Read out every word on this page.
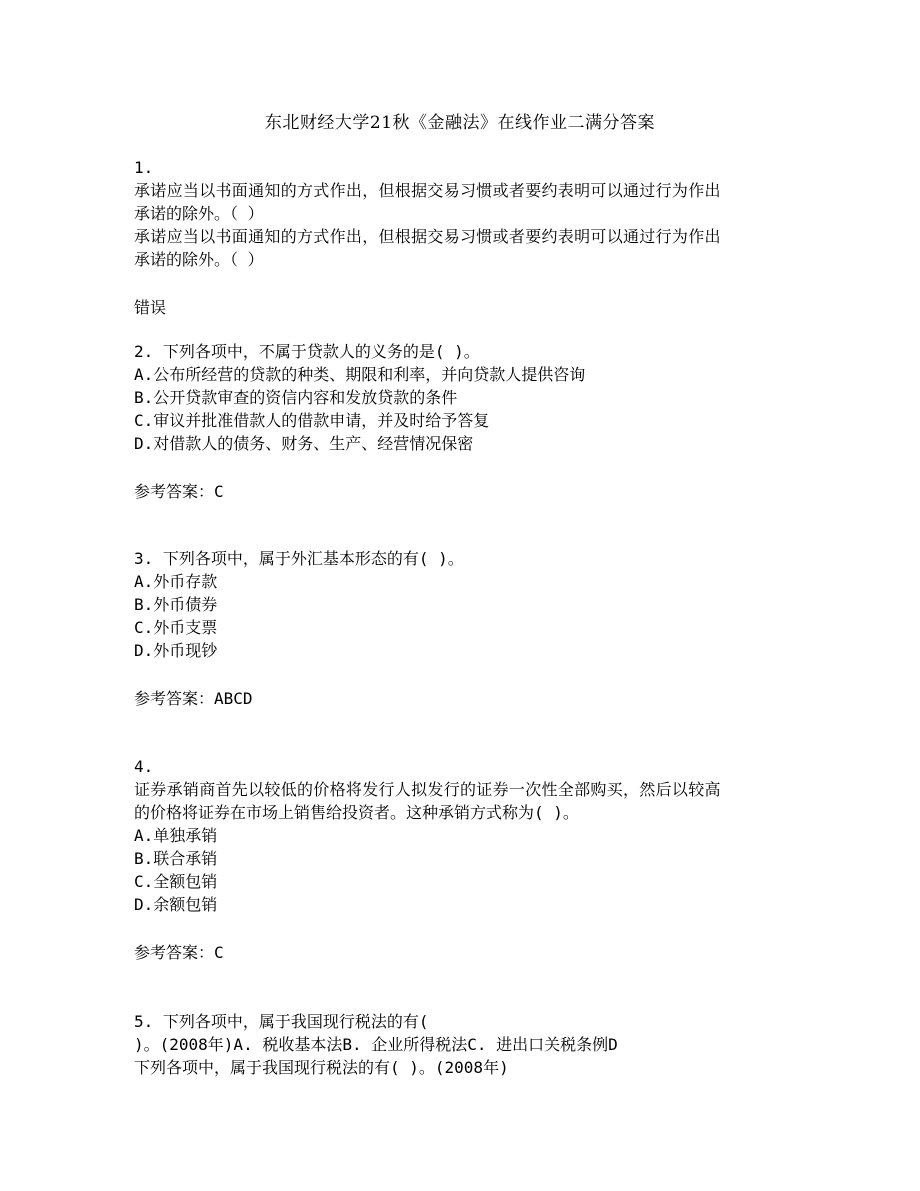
东北财经大学21秋《金融法》在线作业二满分答案
1.
承诺应当以书面通知的方式作出，但根据交易习惯或者要约表明可以通过行为作出
承诺的除外。（ ）
承诺应当以书面通知的方式作出，但根据交易习惯或者要约表明可以通过行为作出
承诺的除外。（ ）
错误
2. 下列各项中，不属于贷款人的义务的是( )。
A.公布所经营的贷款的种类、期限和利率，并向贷款人提供咨询
B.公开贷款审查的资信内容和发放贷款的条件
C.审议并批准借款人的借款申请，并及时给予答复
D.对借款人的债务、财务、生产、经营情况保密
参考答案：C
3. 下列各项中，属于外汇基本形态的有( )。
A.外币存款
B.外币债券
C.外币支票
D.外币现钞
参考答案：ABCD
4.
证券承销商首先以较低的价格将发行人拟发行的证券一次性全部购买，然后以较高
的价格将证券在市场上销售给投资者。这种承销方式称为( )。
A.单独承销
B.联合承销
C.全额包销
D.余额包销
参考答案：C
5. 下列各项中，属于我国现行税法的有(
)。(2008年)A. 税收基本法B. 企业所得税法C. 进出口关税条例D
下列各项中，属于我国现行税法的有( )。(2008年)
